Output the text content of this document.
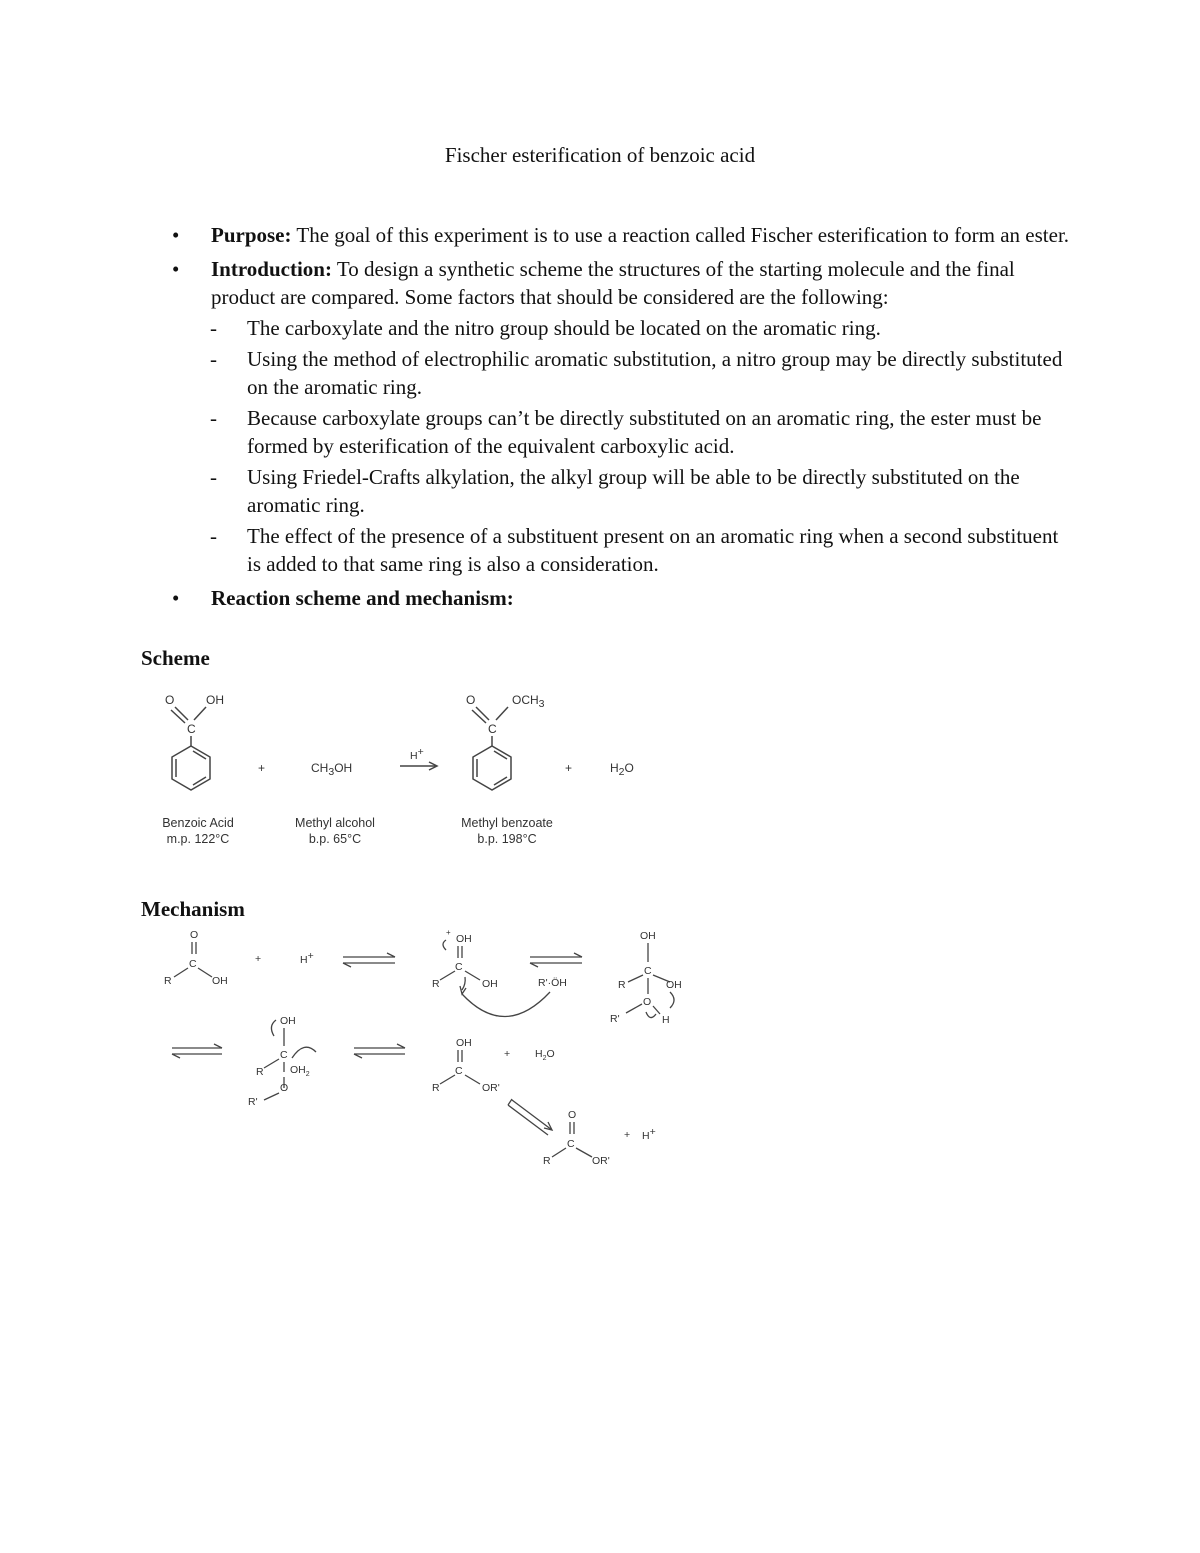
Fischer esterification of benzoic acid
• Purpose: The goal of this experiment is to use a reaction called Fischer esterification to form an ester.
• Introduction: To design a synthetic scheme the structures of the starting molecule and the final product are compared. Some factors that should be considered are the following:
- The carboxylate and the nitro group should be located on the aromatic ring.
- Using the method of electrophilic aromatic substitution, a nitro group may be directly substituted on the aromatic ring.
- Because carboxylate groups can’t be directly substituted on an aromatic ring, the ester must be formed by esterification of the equivalent carboxylic acid.
- Using Friedel-Crafts alkylation, the alkyl group will be able to be directly substituted on the aromatic ring.
- The effect of the presence of a substituent present on an aromatic ring when a second substituent is added to that same ring is also a consideration.
• Reaction scheme and mechanism:
Scheme
O	OH
C
+	CH3OH
H+
O	OCH3
C
+	H2O
Benzoic Acid
m.p. 122°C
Methyl alcohol
b.p. 65°C
Methyl benzoate
b.p. 198°C
Mechanism
O
C
R	OH
+	H+
+
OH
C
R	OH	R'·ÖH
OH
C
R	OH
O
R'	H
OH
C
R	$OH_2$
O
R'
OH
C
R	OR'
+ $H_2O$
O
C
R	OR'
+ H+
